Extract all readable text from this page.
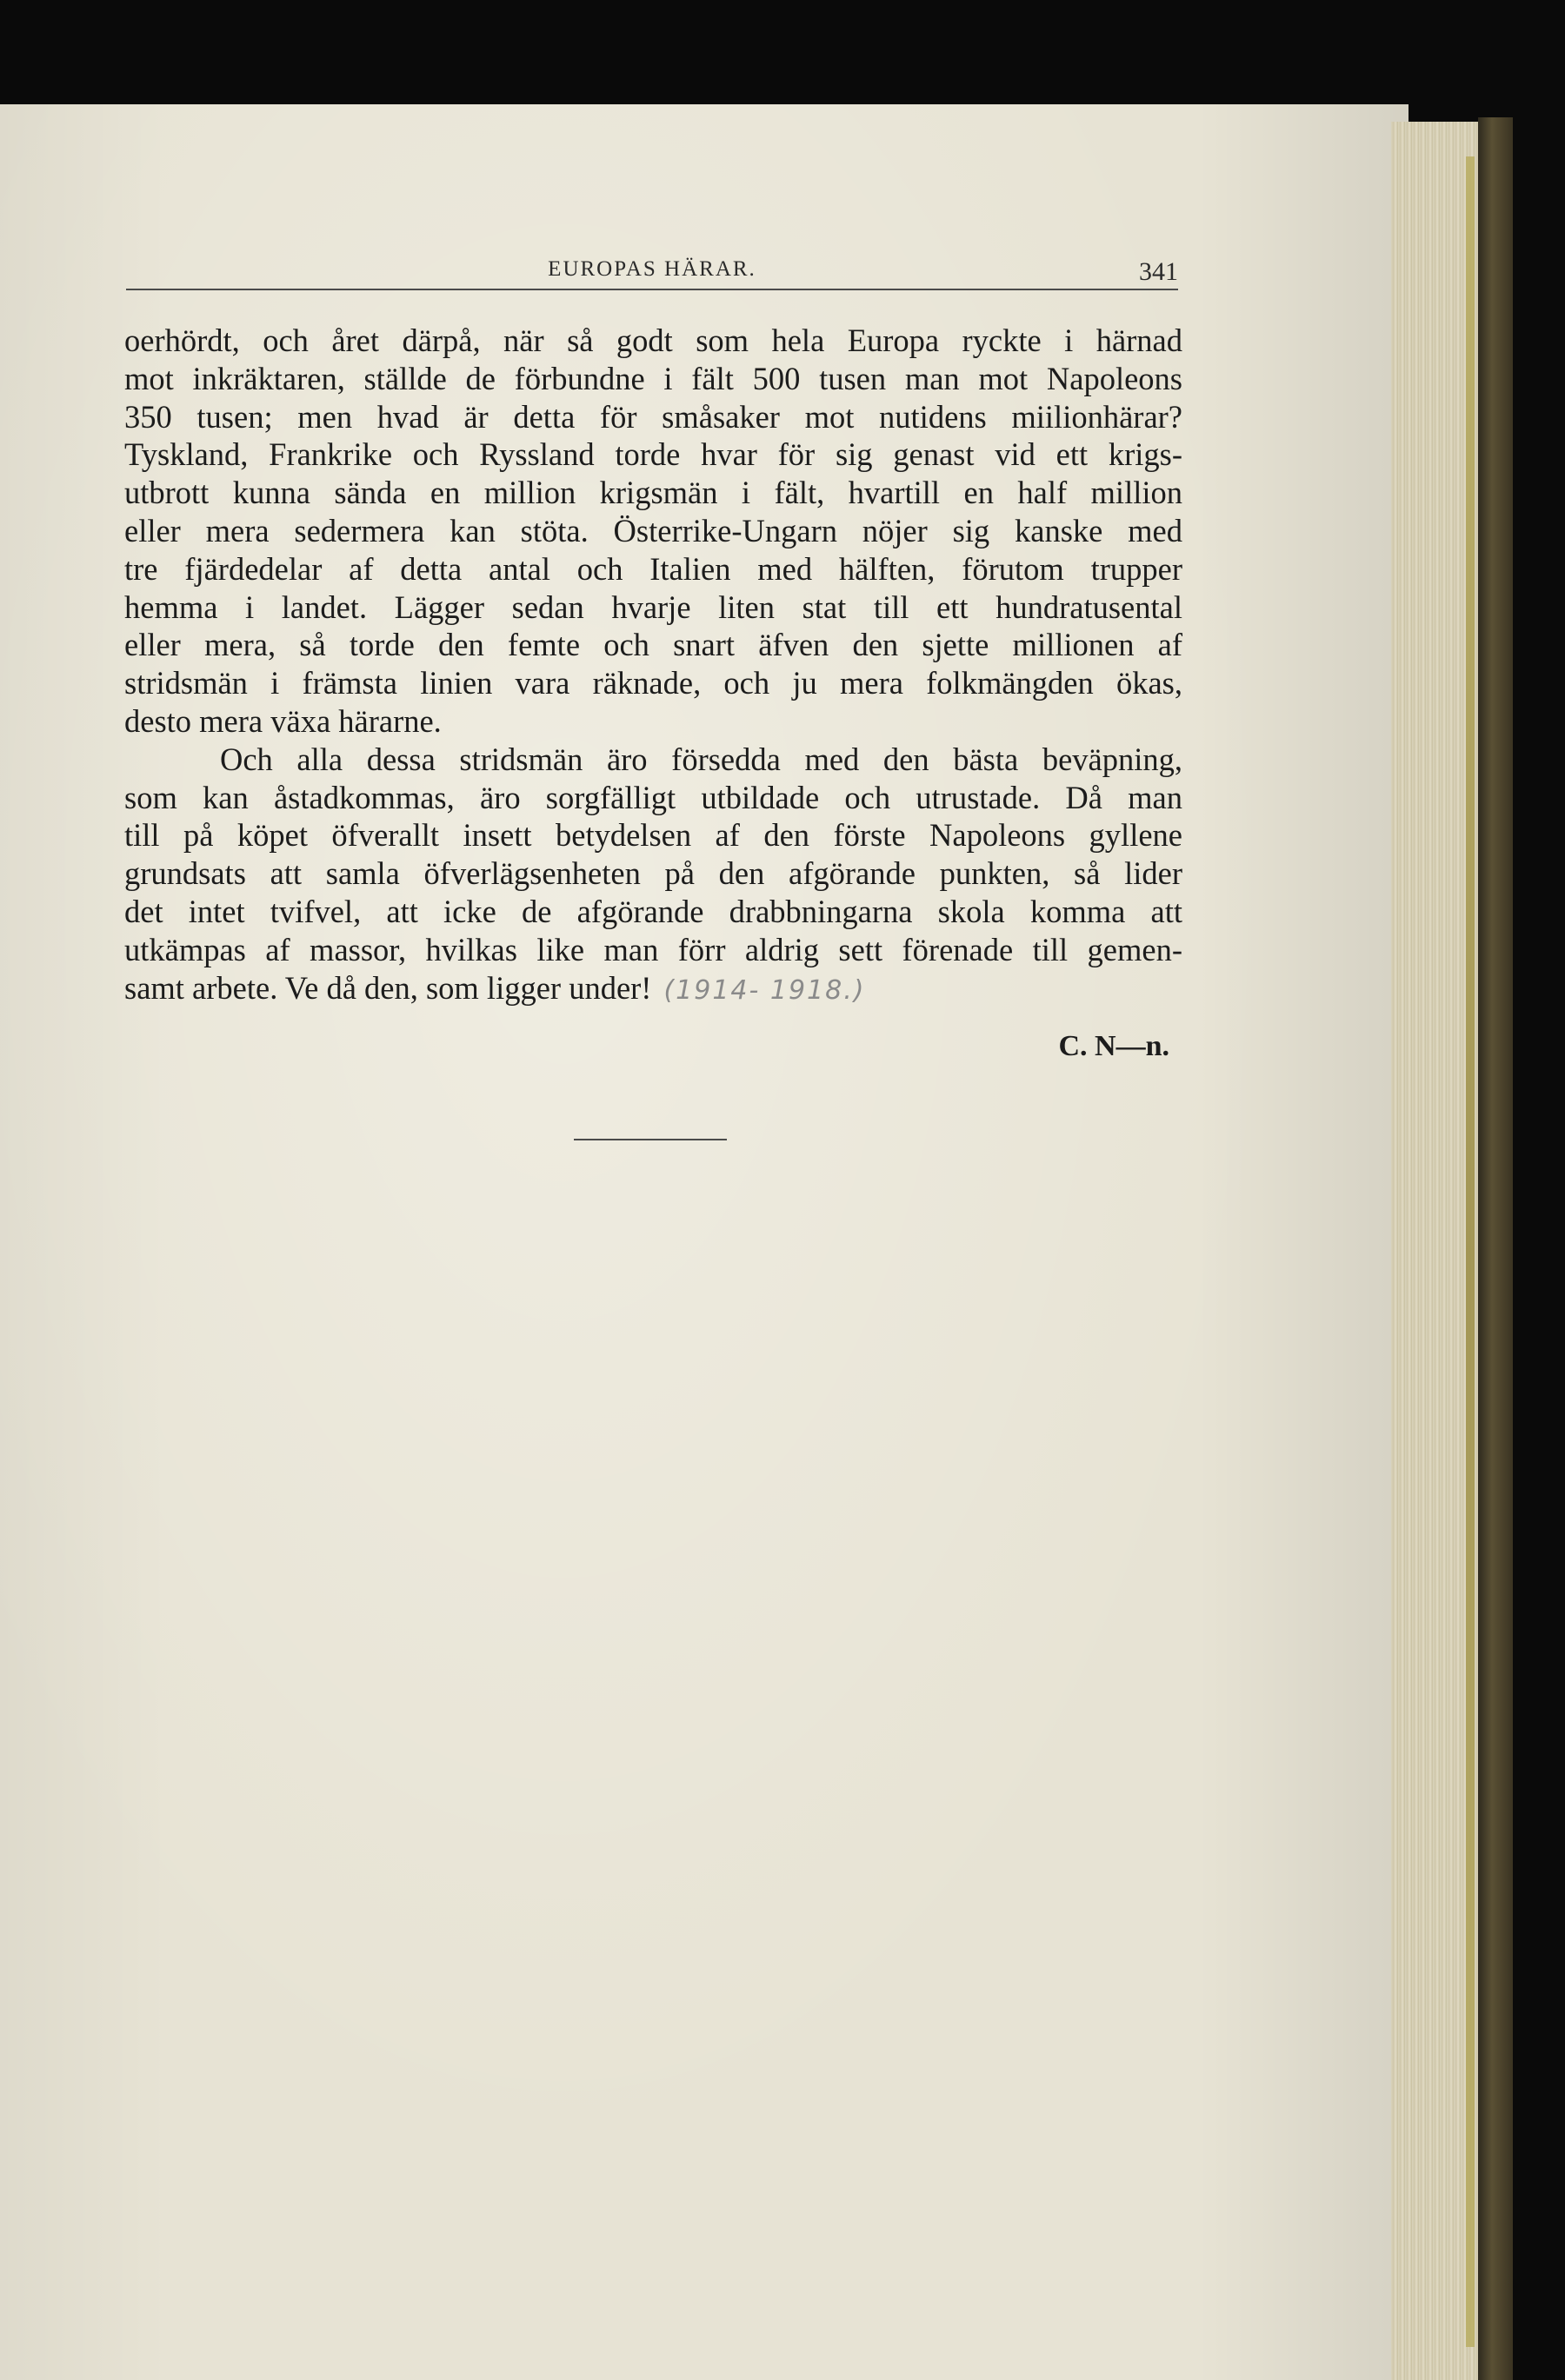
EUROPAS HÄRAR.	341
oerhördt, och året därpå, när så godt som hela Europa ryckte i härnad
mot inkräktaren, ställde de förbundne i fält 500 tusen man mot Napoleons
350 tusen; men hvad är detta för småsaker mot nutidens miilionhärar?
Tyskland, Frankrike och Ryssland torde hvar för sig genast vid ett krigs-
utbrott kunna sända en million krigsmän i fält, hvartill en half million
eller mera sedermera kan stöta. Österrike-Ungarn nöjer sig kanske med
tre fjärdedelar af detta antal och Italien med hälften, förutom trupper
hemma i landet. Lägger sedan hvarje liten stat till ett hundratusental
eller mera, så torde den femte och snart äfven den sjette millionen af
stridsmän i främsta linien vara räknade, och ju mera folkmängden ökas,
desto mera växa härarne.
Och alla dessa stridsmän äro försedda med den bästa beväpning,
som kan åstadkommas, äro sorgfälligt utbildade och utrustade. Då man
till på köpet öfverallt insett betydelsen af den förste Napoleons gyllene
grundsats att samla öfverlägsenheten på den afgörande punkten, så lider
det intet tvifvel, att icke de afgörande drabbningarna skola komma att
utkämpas af massor, hvilkas like man förr aldrig sett förenade till gemen-
samt arbete. Ve då den, som ligger under! (1914- 1918.)
C. N—n.
